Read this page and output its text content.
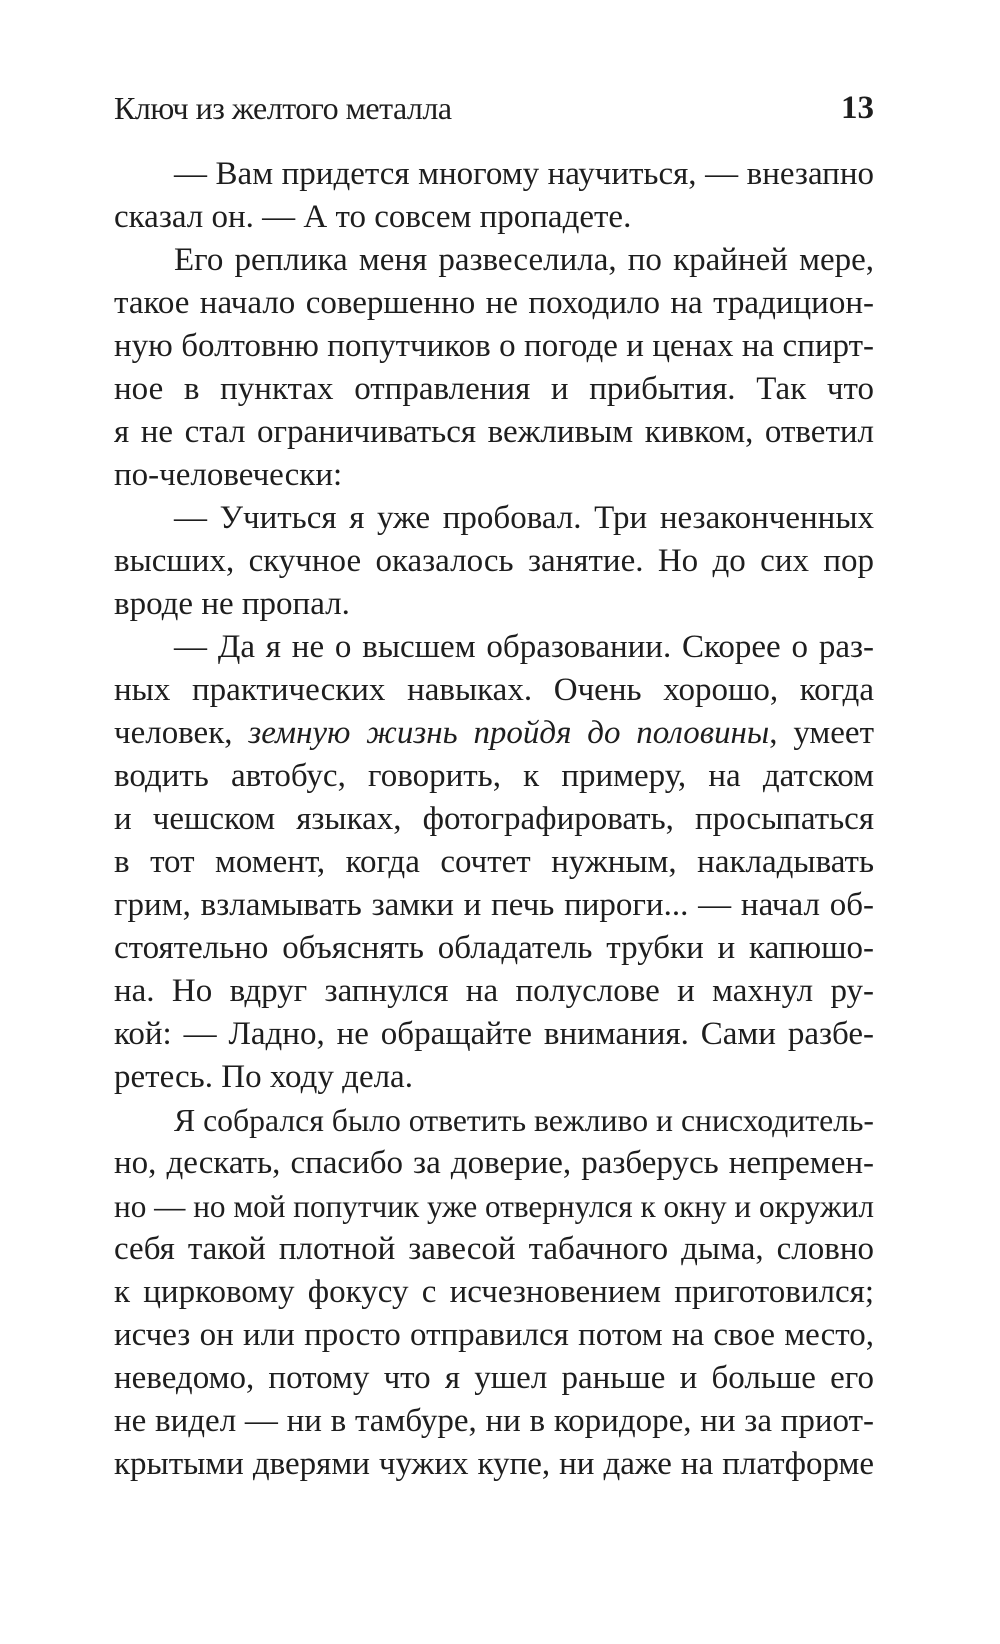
Ключ из желтого металла	13
— Вам придется многому научиться, — внезапно
сказал он. — А то совсем пропадете.
Его реплика меня развеселила, по крайней мере,
такое начало совершенно не походило на традицион-
ную болтовню попутчиков о погоде и ценах на спирт-
ное в пунктах отправления и прибытия. Так что
я не стал ограничиваться вежливым кивком, ответил
по-человечески:
— Учиться я уже пробовал. Три незаконченных
высших, скучное оказалось занятие. Но до сих пор
вроде не пропал.
— Да я не о высшем образовании. Скорее о раз-
ных практических навыках. Очень хорошо, когда
человек, земную жизнь пройдя до половины, умеет
водить автобус, говорить, к примеру, на датском
и чешском языках, фотографировать, просыпаться
в тот момент, когда сочтет нужным, накладывать
грим, взламывать замки и печь пироги... — начал об-
стоятельно объяснять обладатель трубки и капюшо-
на. Но вдруг запнулся на полуслове и махнул ру-
кой: — Ладно, не обращайте внимания. Сами разбе-
ретесь. По ходу дела.
Я собрался было ответить вежливо и снисходитель-
но, дескать, спасибо за доверие, разберусь непремен-
но — но мой попутчик уже отвернулся к окну и окружил
себя такой плотной завесой табачного дыма, словно
к цирковому фокусу с исчезновением приготовился;
исчез он или просто отправился потом на свое место,
неведомо, потому что я ушел раньше и больше его
не видел — ни в тамбуре, ни в коридоре, ни за приот-
крытыми дверями чужих купе, ни даже на платформе
